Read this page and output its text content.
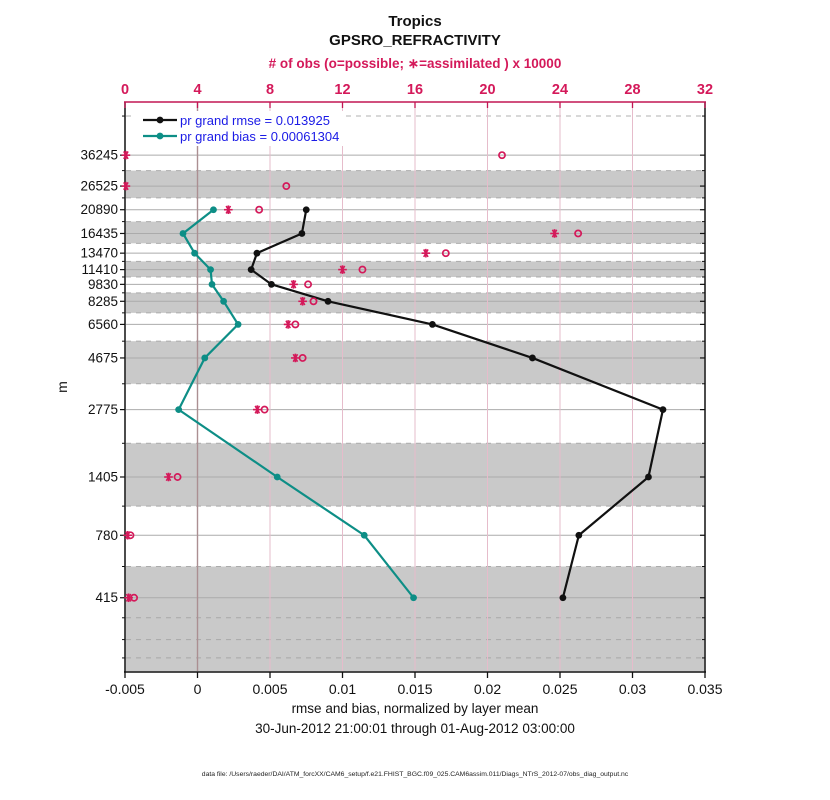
Tropics
GPSRO_REFRACTIVITY
# of obs (o=possible; ∗=assimilated ) x 10000
-0.005	0	0.005	0.01	0.015	0.02	0.025	0.03	0.035
0	4	8	12	16	20	24	28	32
36245
26525
20890
16435
13470
11410
9830
8285
6560
4675
2775
1405
780
415
m
pr grand rmse = 0.013925
pr grand bias = 0.00061304
rmse and bias, normalized by layer mean
30-Jun-2012 21:00:01 through 01-Aug-2012 03:00:00
data file: /Users/raeder/DAI/ATM_forcXX/CAM6_setup/f.e21.FHIST_BGC.f09_025.CAM6assim.011/Diags_NTrS_2012-07/obs_diag_output.nc
